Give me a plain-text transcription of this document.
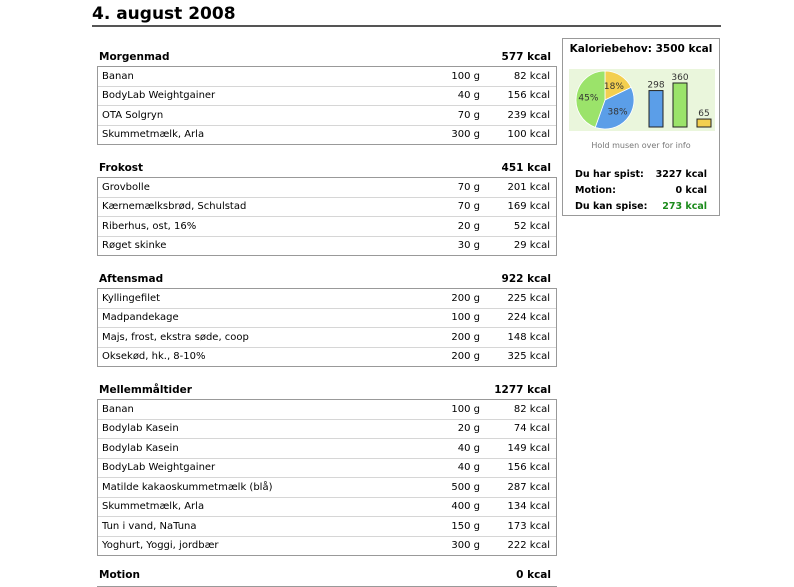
4. august 2008
Morgenmad	577 kcal
Banan	100 g	82 kcal
BodyLab Weightgainer	40 g	156 kcal
OTA Solgryn	70 g	239 kcal
Skummetmælk, Arla	300 g	100 kcal
Frokost	451 kcal
Grovbolle	70 g	201 kcal
Kærnemælksbrød, Schulstad	70 g	169 kcal
Riberhus, ost, 16%	20 g	52 kcal
Røget skinke	30 g	29 kcal
Aftensmad	922 kcal
Kyllingefilet	200 g	225 kcal
Madpandekage	100 g	224 kcal
Majs, frost, ekstra søde, coop	200 g	148 kcal
Oksekød, hk., 8-10%	200 g	325 kcal
Mellemmåltider	1277 kcal
Banan	100 g	82 kcal
Bodylab Kasein	20 g	74 kcal
Bodylab Kasein	40 g	149 kcal
BodyLab Weightgainer	40 g	156 kcal
Matilde kakaoskummetmælk (blå)	500 g	287 kcal
Skummetmælk, Arla	400 g	134 kcal
Tun i vand, NaTuna	150 g	173 kcal
Yoghurt, Yoggi, jordbær	300 g	222 kcal
Motion	0 kcal
Kaloriebehov: 3500 kcal
45%
38%
18%	298
360
65
Hold musen over for info
Du har spist: 3227 kcal
Motion:	0 kcal
Du kan spise: 273 kcal
